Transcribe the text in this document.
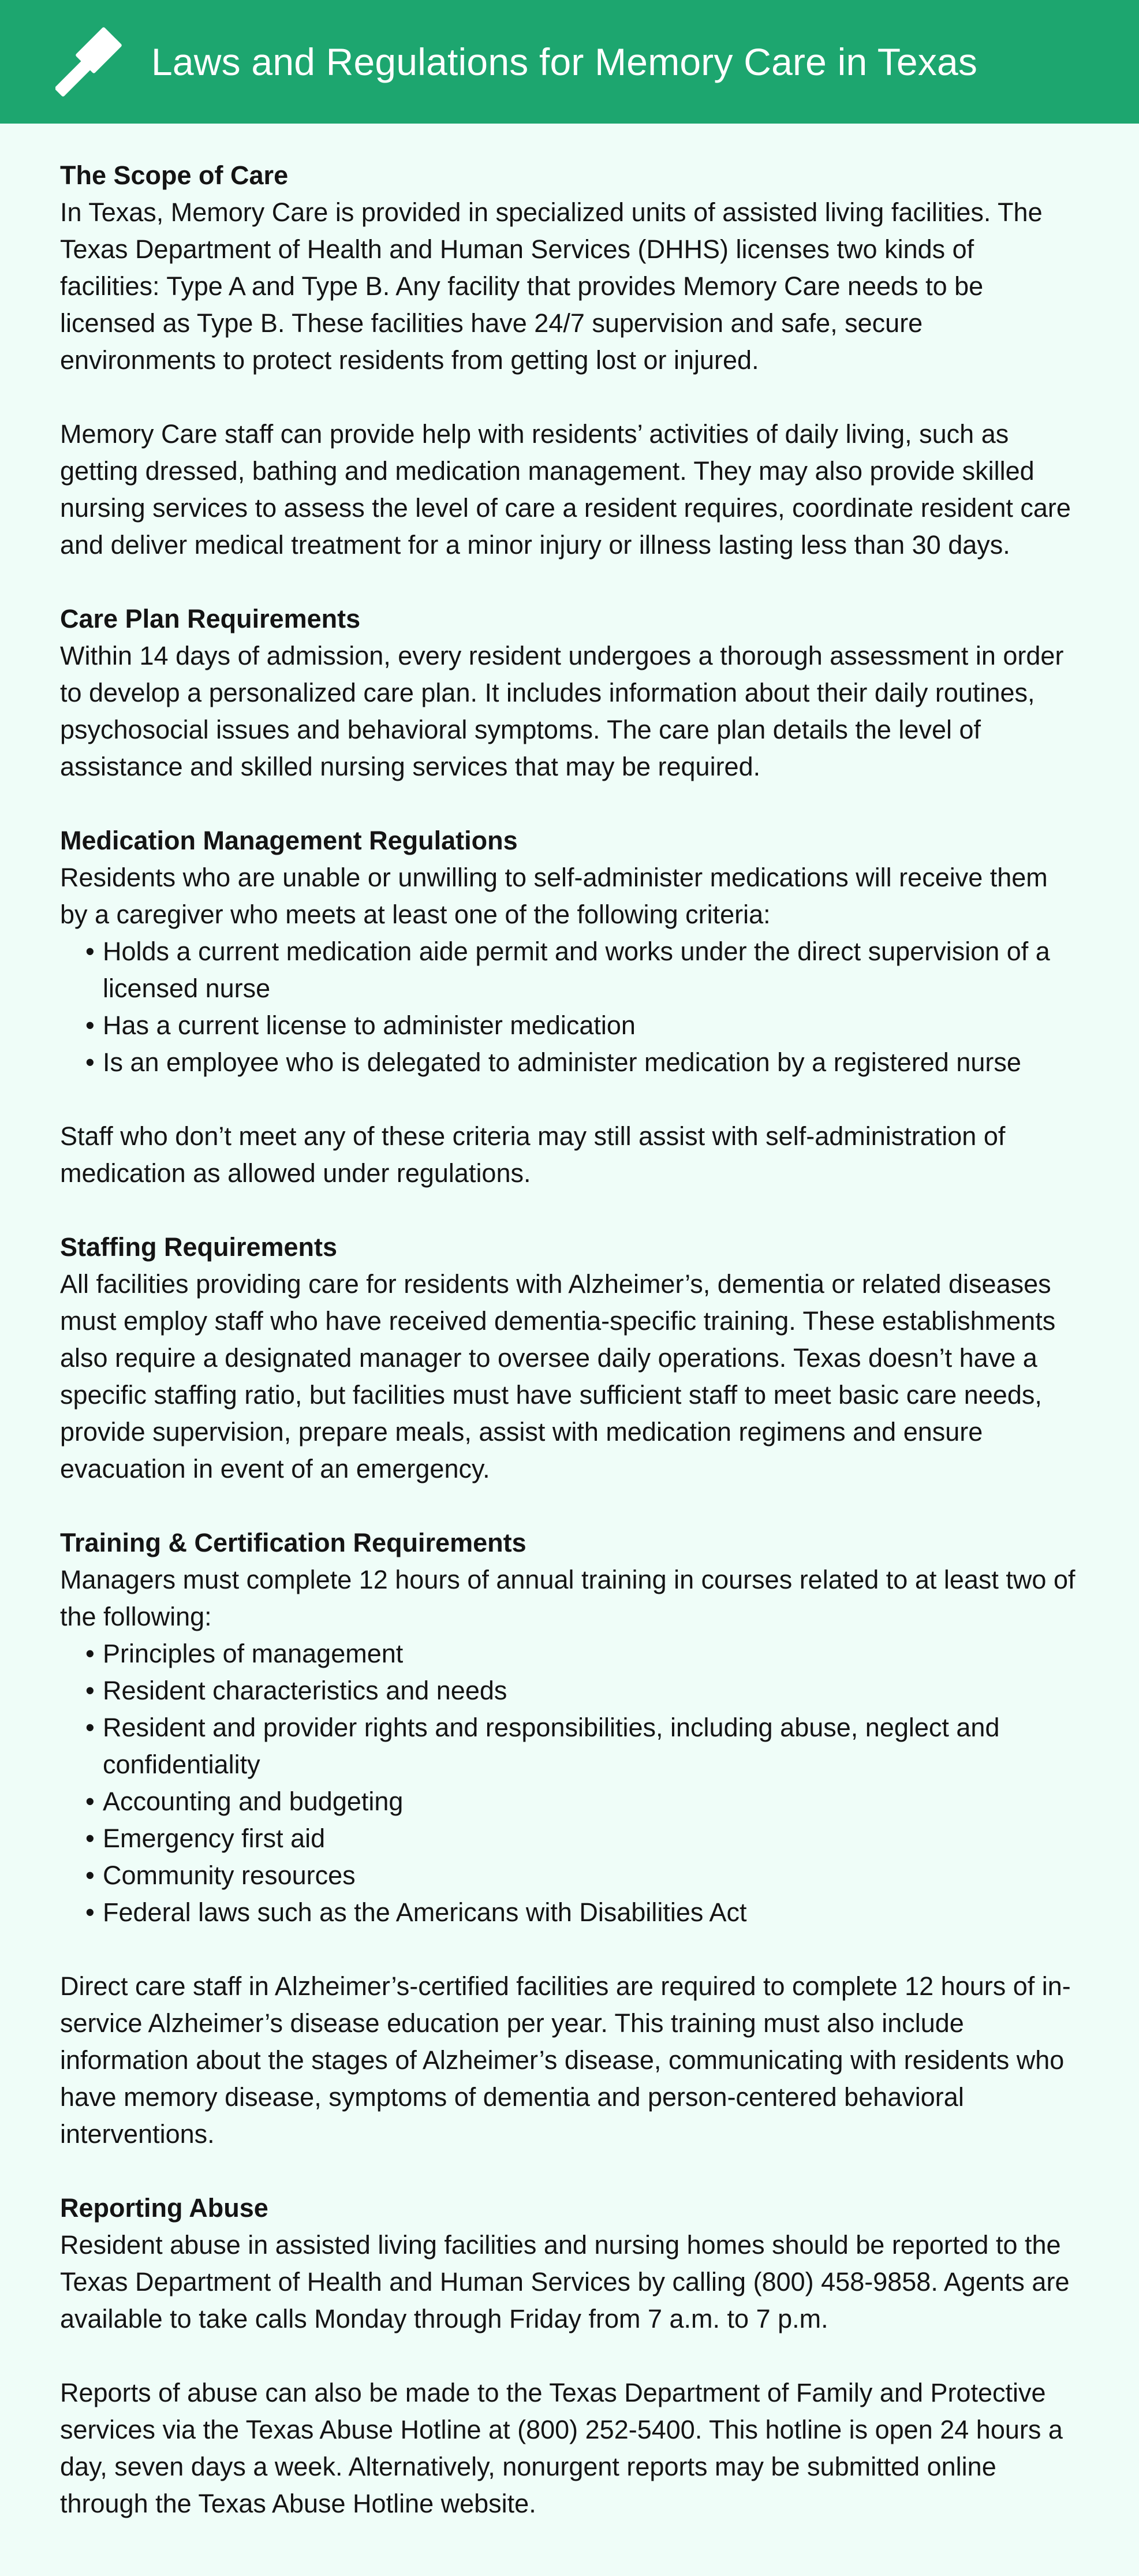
Laws and Regulations for Memory Care in Texas
The Scope of Care

In Texas, Memory Care is provided in specialized units of assisted living facilities. The Texas Department of Health and Human Services (DHHS) licenses two kinds of facilities: Type A and Type B. Any facility that provides Memory Care needs to be licensed as Type B. These facilities have 24/7 supervision and safe, secure environments to protect residents from getting lost or injured.

Memory Care staff can provide help with residents’ activities of daily living, such as getting dressed, bathing and medication management. They may also provide skilled nursing services to assess the level of care a resident requires, coordinate resident care and deliver medical treatment for a minor injury or illness lasting less than 30 days.

Care Plan Requirements

Within 14 days of admission, every resident undergoes a thorough assessment in order to develop a personalized care plan. It includes information about their daily routines, psychosocial issues and behavioral symptoms. The care plan details the level of assistance and skilled nursing services that may be required.

Medication Management Regulations

Residents who are unable or unwilling to self-administer medications will receive them by a caregiver who meets at least one of the following criteria:

• Holds a current medication aide permit and works under the direct supervision of a licensed nurse
• Has a current license to administer medication
• Is an employee who is delegated to administer medication by a registered nurse

Staff who don’t meet any of these criteria may still assist with self-administration of medication as allowed under regulations.

Staffing Requirements

All facilities providing care for residents with Alzheimer’s, dementia or related diseases must employ staff who have received dementia-specific training. These establishments also require a designated manager to oversee daily operations. Texas doesn’t have a specific staffing ratio, but facilities must have sufficient staff to meet basic care needs, provide supervision, prepare meals, assist with medication regimens and ensure evacuation in event of an emergency.

Training & Certification Requirements

Managers must complete 12 hours of annual training in courses related to at least two of the following:

• Principles of management
• Resident characteristics and needs
• Resident and provider rights and responsibilities, including abuse, neglect and confidentiality
• Accounting and budgeting
• Emergency first aid
• Community resources
• Federal laws such as the Americans with Disabilities Act

Direct care staff in Alzheimer’s-certified facilities are required to complete 12 hours of in-service Alzheimer’s disease education per year. This training must also include information about the stages of Alzheimer’s disease, communicating with residents who have memory disease, symptoms of dementia and person-centered behavioral interventions.

Reporting Abuse

Resident abuse in assisted living facilities and nursing homes should be reported to the Texas Department of Health and Human Services by calling (800) 458-9858. Agents are available to take calls Monday through Friday from 7 a.m. to 7 p.m.

Reports of abuse can also be made to the Texas Department of Family and Protective services via the Texas Abuse Hotline at (800) 252-5400. This hotline is open 24 hours a day, seven days a week. Alternatively, nonurgent reports may be submitted online through the Texas Abuse Hotline website.
